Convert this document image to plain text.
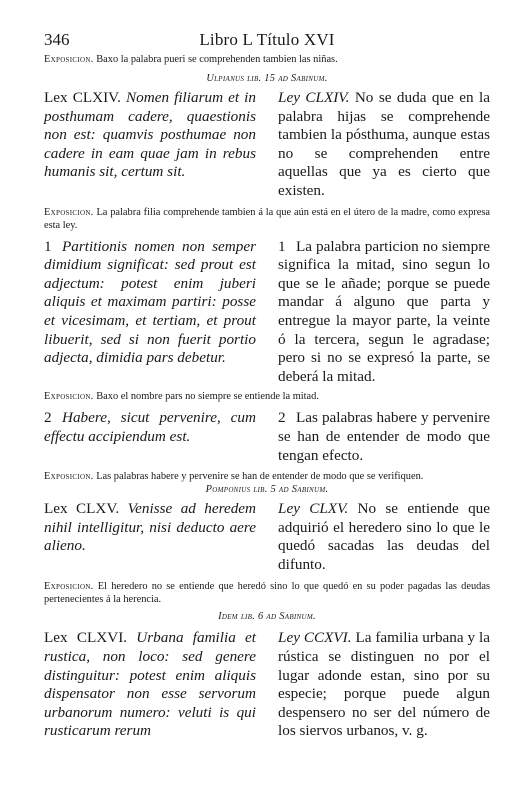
346	Libro L Título XVI

Exposicion. Baxo la palabra pueri se comprehenden tambien las niñas.

Ulpianus lib. 15 ad Sabinum.

Lex CLXIV. Nomen filiarum et in posthumam cadere, quaestionis non est: quamvis posthumae non cadere in eam quae jam in rebus humanis sit, certum sit.
Ley CLXIV. No se duda que en la palabra hijas se comprehende tambien la pósthuma, aunque estas no se comprehenden entre aquellas que ya es cierto que existen.

Exposicion. La palabra filia comprehende tambien á la que aún está en el útero de la madre, como expresa esta ley.

1 Partitionis nomen non semper dimidium significat: sed prout est adjectum: potest enim juberi aliquis et maximam partiri: posse et vicesimam, et tertiam, et prout libuerit, sed si non fuerit portio adjecta, dimidia pars debetur.
1 La palabra particion no siempre significa la mitad, sino segun lo que se le añade; porque se puede mandar á alguno que parta y entregue la mayor parte, la veinte ó la tercera, segun le agradase; pero si no se expresó la parte, se deberá la mitad.

Exposicion. Baxo el nombre pars no siempre se entiende la mitad.

2 Habere, sicut pervenire, cum effectu accipiendum est.
2 Las palabras habere y pervenire se han de entender de modo que tengan efecto.

Exposicion. Las palabras habere y pervenire se han de entender de modo que se verifiquen.

Pomponius lib. 5 ad Sabinum.

Lex CLXV. Venisse ad heredem nihil intelligitur, nisi deducto aere alieno.
Ley CLXV. No se entiende que adquirió el heredero sino lo que le quedó sacadas las deudas del difunto.

Exposicion. El heredero no se entiende que heredó sino lo que quedó en su poder pagadas las deudas pertenecientes á la herencia.

Idem lib. 6 ad Sabinum.

Lex CLXVI. Urbana familia et rustica, non loco: sed genere distinguitur: potest enim aliquis dispensator non esse servorum urbanorum numero: veluti is qui rusticarum rerum
Ley CCXVI. La familia urbana y la rústica se distinguen no por el lugar adonde estan, sino por su especie; porque puede algun despensero no ser del número de los siervos urbanos, v. g.
